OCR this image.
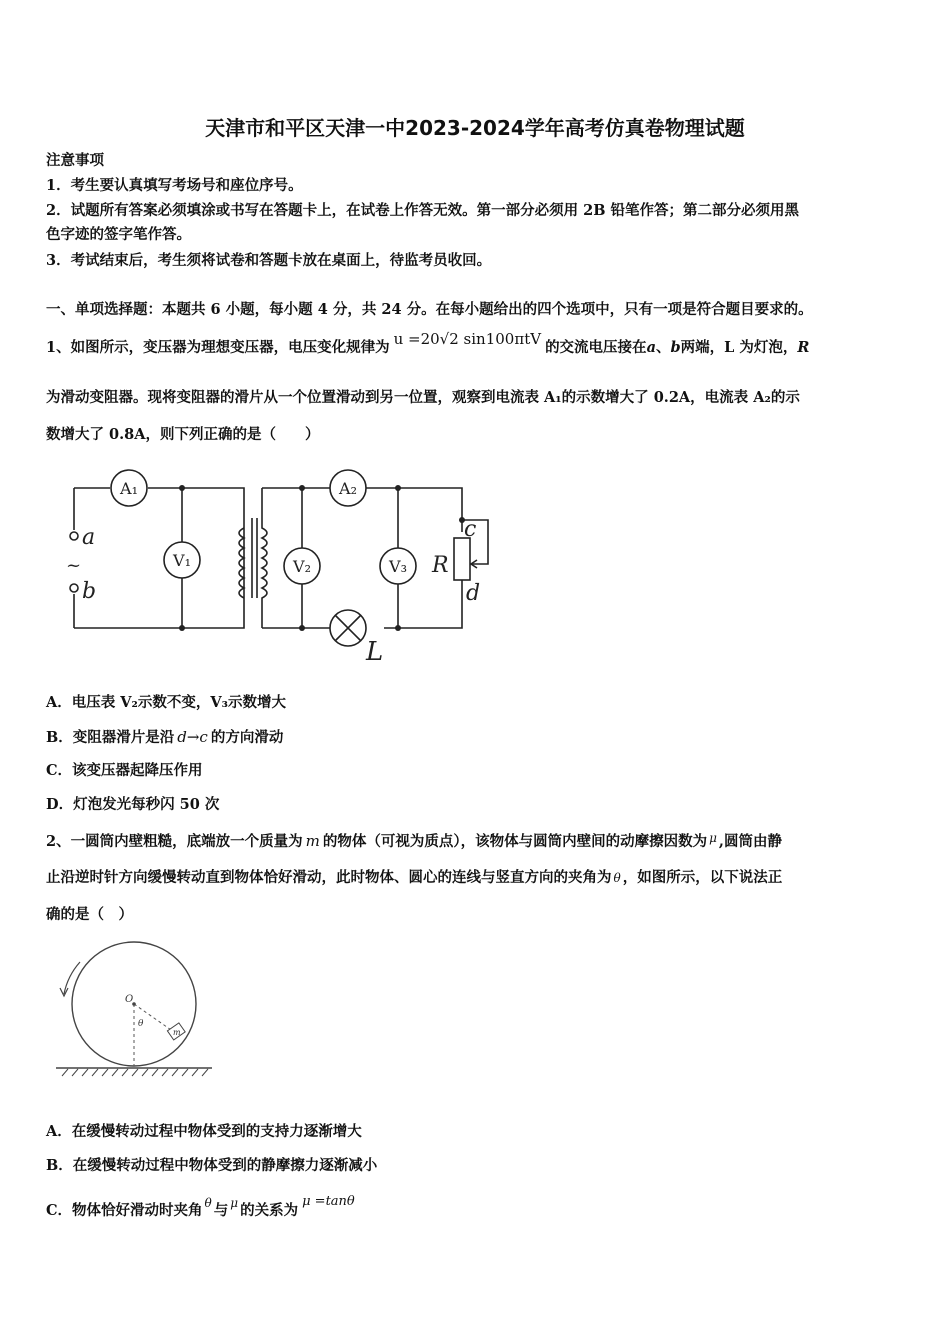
天津市和平区天津一中2023-2024学年高考仿真卷物理试题
注意事项
1．考生要认真填写考场号和座位序号。
2．试题所有答案必须填涂或书写在答题卡上，在试卷上作答无效。第一部分必须用 2B 铅笔作答；第二部分必须用黑
色字迹的签字笔作答。
3．考试结束后，考生须将试卷和答题卡放在桌面上，待监考员收回。
一、单项选择题：本题共 6 小题，每小题 4 分，共 24 分。在每小题给出的四个选项中，只有一项是符合题目要求的。
1、如图所示，变压器为理想变压器，电压变化规律为 u =20√2 sin100πtV 的交流电压接在a、b两端，L 为灯泡，R
为滑动变阻器。现将变阻器的滑片从一个位置滑动到另一位置，观察到电流表 A₁的示数增大了 0.2A，电流表 A₂的示
数增大了 0.8A，则下列正确的是（　　）
A₁	A₂
V₁	V₂	V₃
a
~
b
R
c
d
L
A．电压表 V₂示数不变，V₃示数增大
B．变阻器滑片是沿 d→c 的方向滑动
C．该变压器起降压作用
D．灯泡发光每秒闪 50 次
2、一圆筒内壁粗糙，底端放一个质量为 m 的物体（可视为质点），该物体与圆筒内壁间的动摩擦因数为 $^\mu$ ,圆筒由静
止沿逆时针方向缓慢转动直到物体恰好滑动，此时物体、圆心的连线与竖直方向的夹角为 θ ，如图所示，以下说法正
确的是（　）
O
θ
m
A．在缓慢转动过程中物体受到的支持力逐渐增大
B．在缓慢转动过程中物体受到的静摩擦力逐渐减小
C．物体恰好滑动时夹角 $^\theta$ 与 $^\mu$ 的关系为μ =tanθ
